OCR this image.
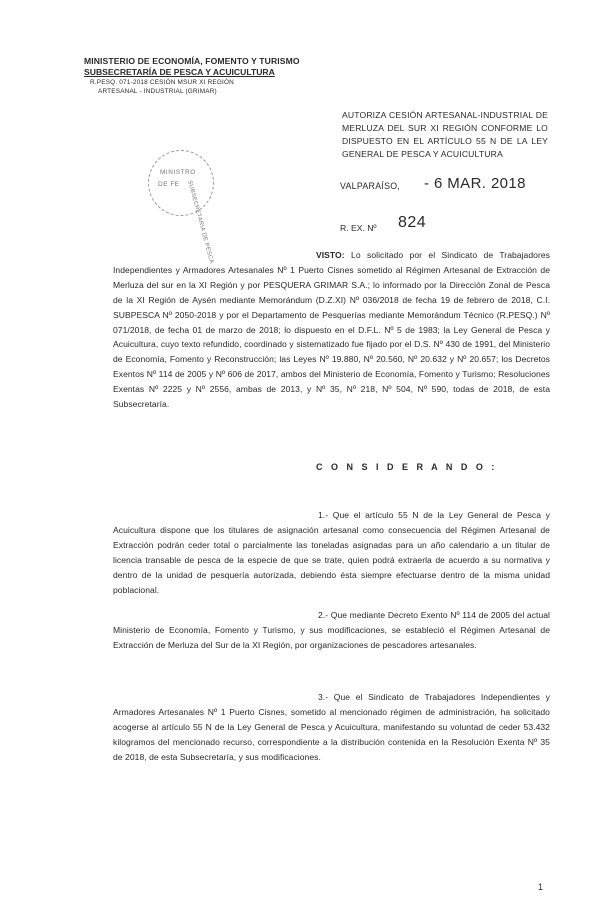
MINISTERIO DE ECONOMÍA, FOMENTO Y TURISMO
SUBSECRETARÍA DE PESCA Y ACUICULTURA
R.PESQ. 071-2018 CESIÓN MSUR XI REGIÓN
ARTESANAL - INDUSTRIAL (GRIMAR)
MINISTRO
DE FE SUBSECRETARIA DE PESCA
AUTORIZA CESIÓN ARTESANAL-INDUSTRIAL DE MERLUZA DEL SUR XI REGIÓN CONFORME LO DISPUESTO EN EL ARTÍCULO 55 N DE LA LEY GENERAL DE PESCA Y ACUICULTURA
VALPARAÍSO, - 6 MAR. 2018
R. EX. Nº 824
VISTO: Lo solicitado por el Sindicato de Trabajadores Independientes y Armadores Artesanales Nº 1 Puerto Cisnes sometido al Régimen Artesanal de Extracción de Merluza del sur en la XI Región y por PESQUERA GRIMAR S.A.; lo informado por la Dirección Zonal de Pesca de la XI Región de Aysén mediante Memorándum (D.Z.XI) Nº 036/2018 de fecha 19 de febrero de 2018, C.I. SUBPESCA Nº 2050-2018 y por el Departamento de Pesquerías mediante Memorándum Técnico (R.PESQ.) Nº 071/2018, de fecha 01 de marzo de 2018; lo dispuesto en el D.F.L. Nº 5 de 1983; la Ley General de Pesca y Acuicultura, cuyo texto refundido, coordinado y sistematizado fue fijado por el D.S. Nº 430 de 1991, del Ministerio de Economía, Fomento y Reconstrucción; las Leyes Nº 19.880, Nº 20.560, Nº 20.632 y Nº 20.657; los Decretos Exentos Nº 114 de 2005 y Nº 606 de 2017, ambos del Ministerio de Economía, Fomento y Turismo; Resoluciones Exentas Nº 2225 y Nº 2556, ambas de 2013, y Nº 35, Nº 218, Nº 504, Nº 590, todas de 2018, de esta Subsecretaría.
C O N S I D E R A N D O :
1.- Que el artículo 55 N de la Ley General de Pesca y Acuicultura dispone que los titulares de asignación artesanal como consecuencia del Régimen Artesanal de Extracción podrán ceder total o parcialmente las toneladas asignadas para un año calendario a un titular de licencia transable de pesca de la especie de que se trate, quien podrá extraerla de acuerdo a su normativa y dentro de la unidad de pesquería autorizada, debiendo ésta siempre efectuarse dentro de la misma unidad poblacional.
2.- Que mediante Decreto Exento Nº 114 de 2005 del actual Ministerio de Economía, Fomento y Turismo, y sus modificaciones, se estableció el Régimen Artesanal de Extracción de Merluza del Sur de la XI Región, por organizaciones de pescadores artesanales.
3.- Que el Sindicato de Trabajadores Independientes y Armadores Artesanales Nº 1 Puerto Cisnes, sometido al mencionado régimen de administración, ha solicitado acogerse al artículo 55 N de la Ley General de Pesca y Acuicultura, manifestando su voluntad de ceder 53.432 kilogramos del mencionado recurso, correspondiente a la distribución contenida en la Resolución Exenta Nº 35 de 2018, de esta Subsecretaría, y sus modificaciones.
1
